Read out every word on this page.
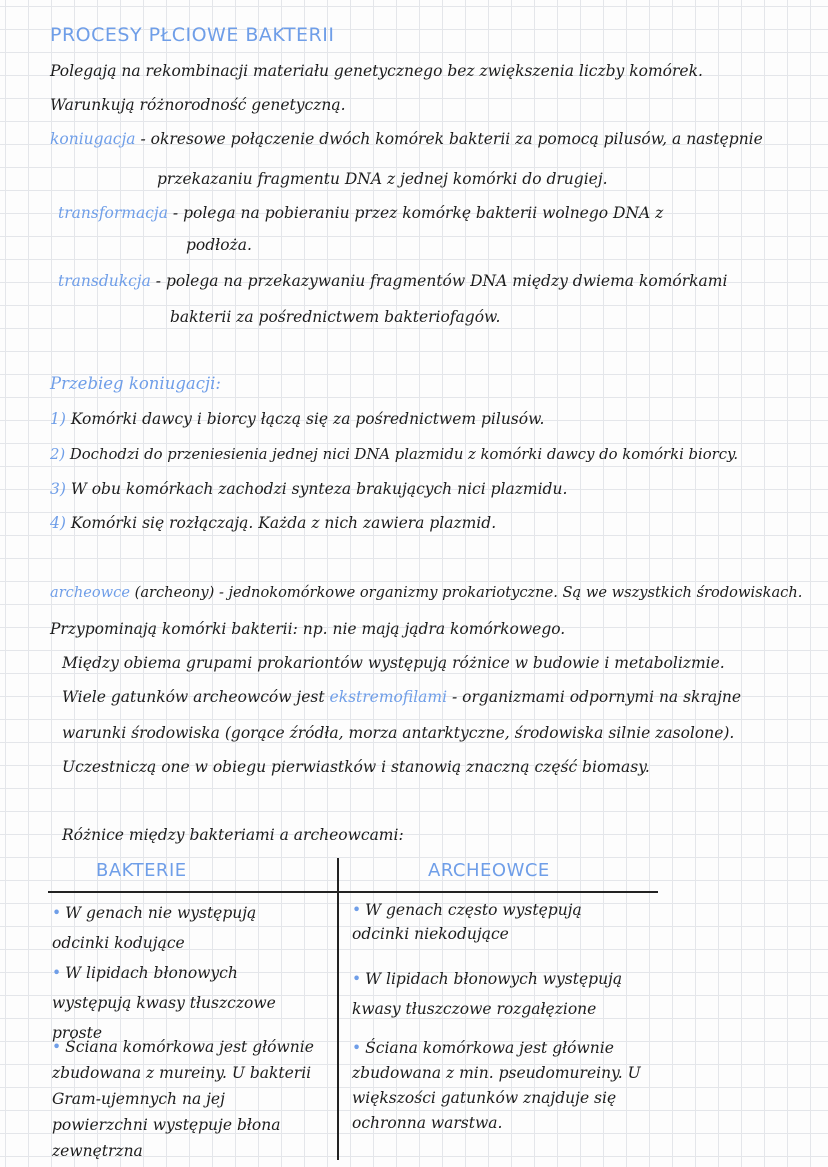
PROCESY PŁCIOWE BAKTERII
Polegają na rekombinacji materiału genetycznego bez zwiększenia liczby komórek.
Warunkują różnorodność genetyczną.
koniugacja - okresowe połączenie dwóch komórek bakterii za pomocą pilusów, a następnie
przekazaniu fragmentu DNA z jednej komórki do drugiej.
transformacja - polega na pobieraniu przez komórkę bakterii wolnego DNA z
podłoża.
transdukcja - polega na przekazywaniu fragmentów DNA między dwiema komórkami
bakterii za pośrednictwem bakteriofagów.
Przebieg koniugacji:
1) Komórki dawcy i biorcy łączą się za pośrednictwem pilusów.
2) Dochodzi do przeniesienia jednej nici DNA plazmidu z komórki dawcy do komórki biorcy.
3) W obu komórkach zachodzi synteza brakujących nici plazmidu.
4) Komórki się rozłączają. Każda z nich zawiera plazmid.
archeowce (archeony) - jednokomórkowe organizmy prokariotyczne. Są we wszystkich środowiskach.
Przypominają komórki bakterii: np. nie mają jądra komórkowego.
Między obiema grupami prokariontów występują różnice w budowie i metabolizmie.
Wiele gatunków archeowców jest ekstremofilami - organizmami odpornymi na skrajne
warunki środowiska (gorące źródła, morza antarktyczne, środowiska silnie zasolone).
Uczestniczą one w obiegu pierwiastków i stanowią znaczną część biomasy.
Różnice między bakteriami a archeowcami:
BAKTERIE	ARCHEOWCE
• W genach nie występują odcinki kodujące
• W lipidach błonowych występują kwasy tłuszczowe proste
• Ściana komórkowa jest głównie zbudowana z mureiny. U bakterii Gram-ujemnych na jej powierzchni występuje błona zewnętrzna
• W genach często występują odcinki niekodujące
• W lipidach błonowych występują kwasy tłuszczowe rozgałęzione
• Ściana komórkowa jest głównie zbudowana z min. pseudomureiny. U większości gatunków znajduje się ochronna warstwa.
